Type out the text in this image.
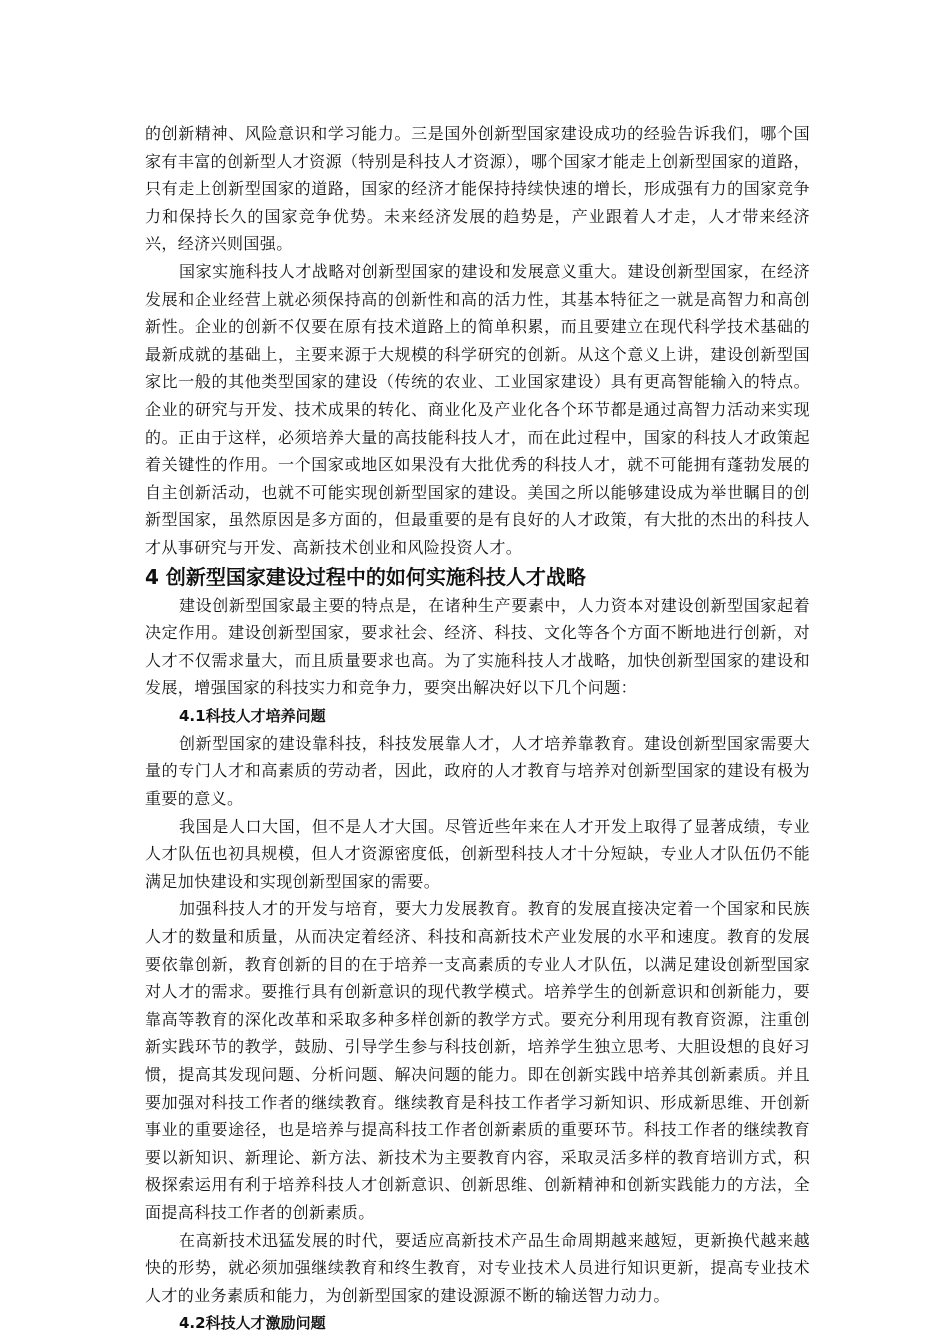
的创新精神、风险意识和学习能力。三是国外创新型国家建设成功的经验告诉我们，哪个国家有丰富的创新型人才资源（特别是科技人才资源），哪个国家才能走上创新型国家的道路，只有走上创新型国家的道路，国家的经济才能保持持续快速的增长，形成强有力的国家竞争力和保持长久的国家竞争优势。未来经济发展的趋势是，产业跟着人才走，人才带来经济兴，经济兴则国强。

国家实施科技人才战略对创新型国家的建设和发展意义重大。建设创新型国家，在经济发展和企业经营上就必须保持高的创新性和高的活力性，其基本特征之一就是高智力和高创新性。企业的创新不仅要在原有技术道路上的简单积累，而且要建立在现代科学技术基础的最新成就的基础上，主要来源于大规模的科学研究的创新。从这个意义上讲，建设创新型国家比一般的其他类型国家的建设（传统的农业、工业国家建设）具有更高智能输入的特点。企业的研究与开发、技术成果的转化、商业化及产业化各个环节都是通过高智力活动来实现的。正由于这样，必须培养大量的高技能科技人才，而在此过程中，国家的科技人才政策起着关键性的作用。一个国家或地区如果没有大批优秀的科技人才，就不可能拥有蓬勃发展的自主创新活动，也就不可能实现创新型国家的建设。美国之所以能够建设成为举世瞩目的创新型国家，虽然原因是多方面的，但最重要的是有良好的人才政策，有大批的杰出的科技人才从事研究与开发、高新技术创业和风险投资人才。

4 创新型国家建设过程中的如何实施科技人才战略

建设创新型国家最主要的特点是，在诸种生产要素中，人力资本对建设创新型国家起着决定作用。建设创新型国家，要求社会、经济、科技、文化等各个方面不断地进行创新，对人才不仅需求量大，而且质量要求也高。为了实施科技人才战略，加快创新型国家的建设和发展，增强国家的科技实力和竞争力，要突出解决好以下几个问题：

4.1科技人才培养问题

创新型国家的建设靠科技，科技发展靠人才，人才培养靠教育。建设创新型国家需要大量的专门人才和高素质的劳动者，因此，政府的人才教育与培养对创新型国家的建设有极为重要的意义。

我国是人口大国，但不是人才大国。尽管近些年来在人才开发上取得了显著成绩，专业人才队伍也初具规模，但人才资源密度低，创新型科技人才十分短缺，专业人才队伍仍不能满足加快建设和实现创新型国家的需要。

加强科技人才的开发与培育，要大力发展教育。教育的发展直接决定着一个国家和民族人才的数量和质量，从而决定着经济、科技和高新技术产业发展的水平和速度。教育的发展要依靠创新，教育创新的目的在于培养一支高素质的专业人才队伍，以满足建设创新型国家对人才的需求。要推行具有创新意识的现代教学模式。培养学生的创新意识和创新能力，要靠高等教育的深化改革和采取多种多样创新的教学方式。要充分利用现有教育资源，注重创新实践环节的教学，鼓励、引导学生参与科技创新，培养学生独立思考、大胆设想的良好习惯，提高其发现问题、分析问题、解决问题的能力。即在创新实践中培养其创新素质。并且要加强对科技工作者的继续教育。继续教育是科技工作者学习新知识、形成新思维、开创新事业的重要途径，也是培养与提高科技工作者创新素质的重要环节。科技工作者的继续教育要以新知识、新理论、新方法、新技术为主要教育内容，采取灵活多样的教育培训方式，积极探索运用有利于培养科技人才创新意识、创新思维、创新精神和创新实践能力的方法，全面提高科技工作者的创新素质。

在高新技术迅猛发展的时代，要适应高新技术产品生命周期越来越短，更新换代越来越快的形势，就必须加强继续教育和终生教育，对专业技术人员进行知识更新，提高专业技术人才的业务素质和能力，为创新型国家的建设源源不断的输送智力动力。

4.2科技人才激励问题
